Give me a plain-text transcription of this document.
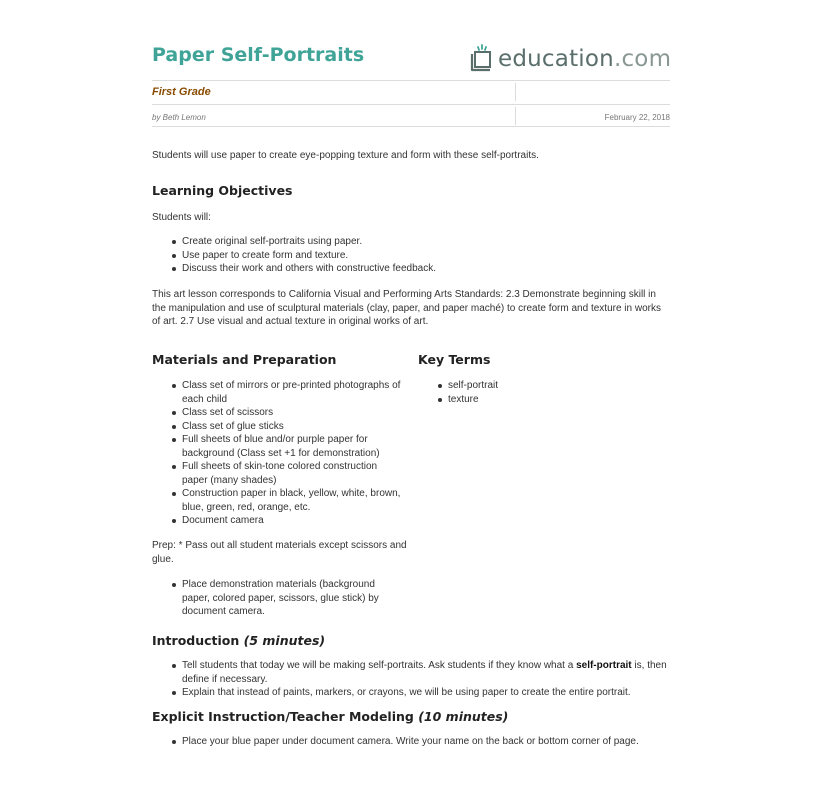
Paper Self-Portraits	education.com
First Grade
by Beth Lemon	February 22, 2018
Students will use paper to create eye-popping texture and form with these self-portraits.
Learning Objectives
Students will:
Create original self-portraits using paper.
Use paper to create form and texture.
Discuss their work and others with constructive feedback.
This art lesson corresponds to California Visual and Performing Arts Standards: 2.3 Demonstrate beginning skill in the manipulation and use of sculptural materials (clay, paper, and paper maché) to create form and texture in works of art. 2.7 Use visual and actual texture in original works of art.
Materials and Preparation
Class set of mirrors or pre-printed photographs of each child
Class set of scissors
Class set of glue sticks
Full sheets of blue and/or purple paper for background (Class set +1 for demonstration)
Full sheets of skin-tone colored construction paper (many shades)
Construction paper in black, yellow, white, brown, blue, green, red, orange, etc.
Document camera
Key Terms
self-portrait
texture
Prep: * Pass out all student materials except scissors and glue.
Place demonstration materials (background paper, colored paper, scissors, glue stick) by document camera.
Introduction (5 minutes)
Tell students that today we will be making self-portraits. Ask students if they know what a self-portrait is, then define if necessary.
Explain that instead of paints, markers, or crayons, we will be using paper to create the entire portrait.
Explicit Instruction/Teacher Modeling (10 minutes)
Place your blue paper under document camera. Write your name on the back or bottom corner of page.
